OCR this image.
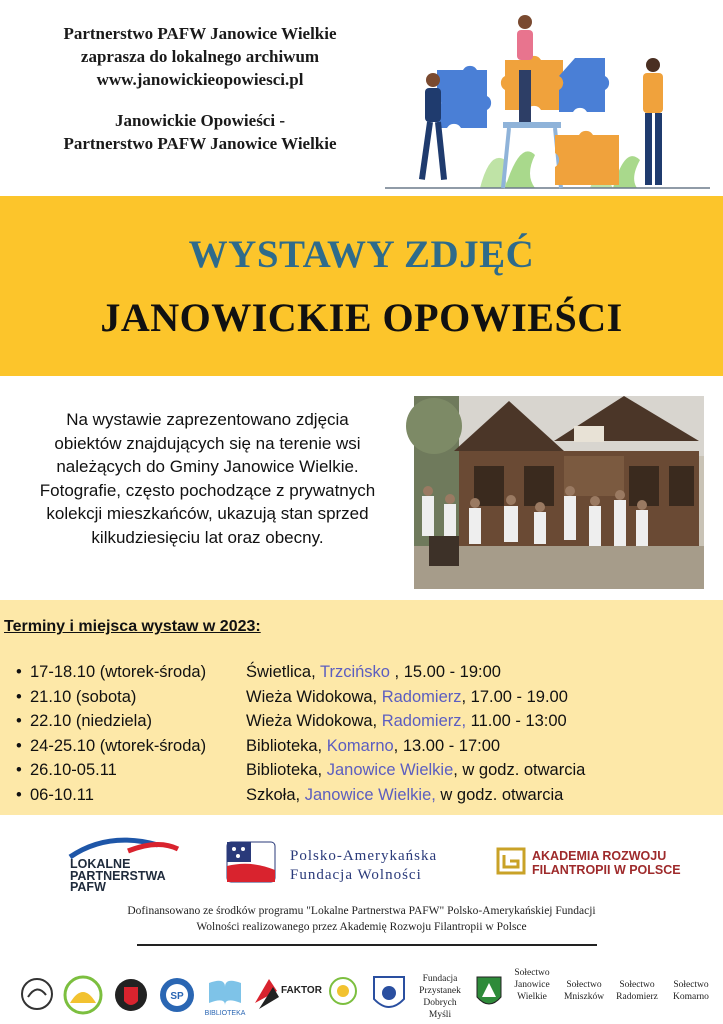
Partnerstwo PAFW Janowice Wielkie
zaprasza do lokalnego archiwum
www.janowickieopowiesci.pl
Janowickie Opowieści -
Partnerstwo PAFW Janowice Wielkie
WYSTAWY ZDJĘĆ
JANOWICKIE OPOWIEŚCI
Na wystawie zaprezentowano zdjęcia
obiektów znajdujących się na terenie wsi
należących do Gminy Janowice Wielkie.
Fotografie, często pochodzące z prywatnych
kolekcji mieszkańców, ukazują stan sprzed
kilkudziesięciu lat oraz obecny.
Terminy i miejsca wystaw w 2023:
• 17-18.10 (wtorek-środa) Świetlica, Trzcińsko , 15.00 - 19:00
• 21.10 (sobota)	Wieża Widokowa, Radomierz, 17.00 - 19.00
• 22.10 (niedziela)	Wieża Widokowa, Radomierz, 11.00 - 13:00
• 24-25.10 (wtorek-środa) Biblioteka, Komarno, 13.00 - 17:00
• 26.10-05.11	Biblioteka, Janowice Wielkie, w godz. otwarcia
• 06-10.11	Szkoła, Janowice Wielkie, w godz. otwarcia
LOKALNE
PARTNERSTWA
PAFW
Polsko-Amerykańska
Fundacja Wolności
AKADEMIA ROZWOJU
FILANTROPII W POLSCE
Dofinansowano ze środków programu "Lokalne Partnerstwa PAFW" Polsko-Amerykańskiej Fundacji
Wolności realizowanego przez Akademię Rozwoju Filantropii w Polsce
SP
BIBLIOTEKA
FAKTOR
Fundacja
Przystanek
Dobrych Myśli
Sołectwo
Janowice
Wielkie
Sołectwo
Mniszków
Sołectwo
Radomierz
Sołectwo
Komarno
